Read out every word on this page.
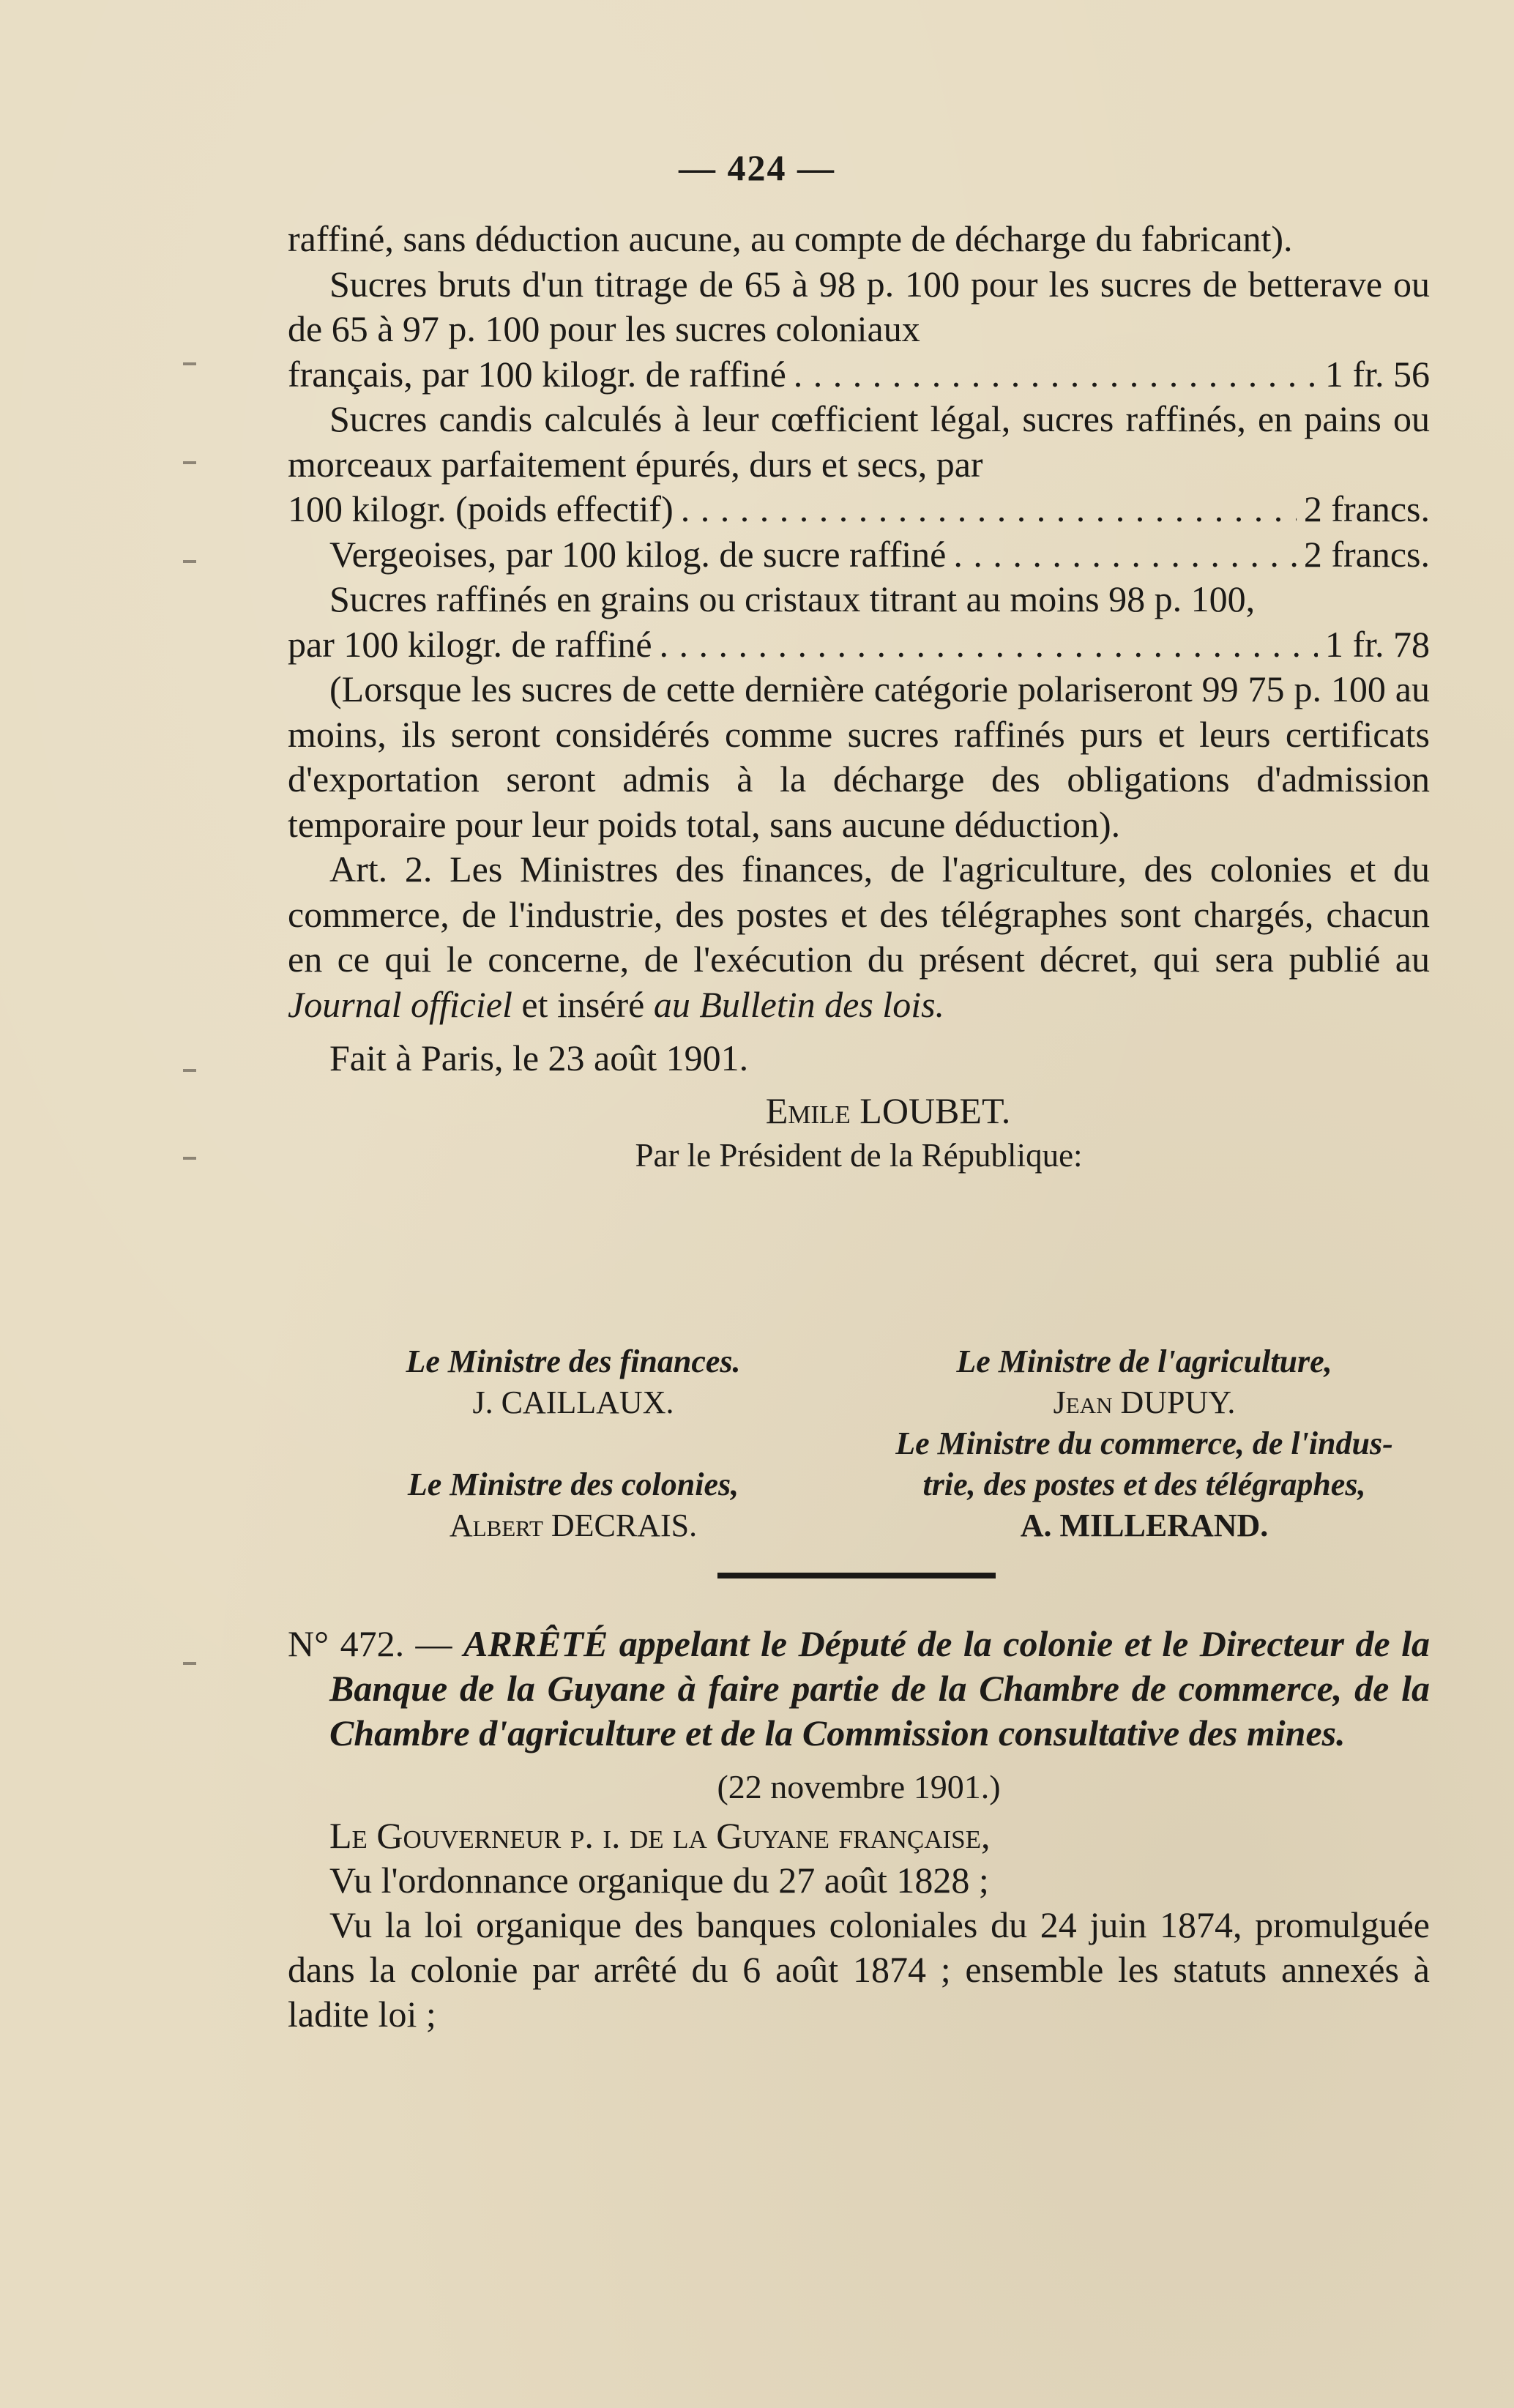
— 424 —

raffiné, sans déduction aucune, au compte de décharge du fabricant).

Sucres bruts d'un titrage de 65 à 98 p. 100 pour les sucres de betterave ou de 65 à 97 p. 100 pour les sucres coloniaux

français, par 100 kilogr. de raffiné . . .	1 fr. 56

Sucres candis calculés à leur cœfficient légal, sucres raffinés, en pains ou morceaux parfaitement épurés, durs et secs, par

100 kilogr. (poids effectif) . . .	2 francs.
Vergeoises, par 100 kilog. de sucre raffiné . . .	2 francs.

Sucres raffinés en grains ou cristaux titrant au moins 98 p. 100,

par 100 kilogr. de raffiné . . .	1 fr. 78

(Lorsque les sucres de cette dernière catégorie polariseront 99 75 p. 100 au moins, ils seront considérés comme sucres raffinés purs et leurs certificats d'exportation seront admis à la décharge des obligations d'admission temporaire pour leur poids total, sans aucune déduction).

Art. 2. Les Ministres des finances, de l'agriculture, des colonies et du commerce, de l'industrie, des postes et des télégraphes sont chargés, chacun en ce qui le concerne, de l'exécution du présent décret, qui sera publié au Journal officiel et inséré au Bulletin des lois.

Fait à Paris, le 23 août 1901.

Emile LOUBET.

Par le Président de la République:

Le Ministre des finances.
J. CAILLAUX.
Le Ministre de l'agriculture,
Jean DUPUY.
Le Ministre des colonies,
Albert DECRAIS.
Le Ministre du commerce, de l'indus-
trie, des postes et des télégraphes,
A. MILLERAND.

N° 472. — ARRÊTÉ appelant le Député de la colonie et le Directeur de la Banque de la Guyane à faire partie de la Chambre de commerce, de la Chambre d'agriculture et de la Commission consultative des mines.

(22 novembre 1901.)

Le Gouverneur p. i. de la Guyane française,

Vu l'ordonnance organique du 27 août 1828 ;

Vu la loi organique des banques coloniales du 24 juin 1874, promulguée dans la colonie par arrêté du 6 août 1874 ; ensemble les statuts annexés à ladite loi ;
